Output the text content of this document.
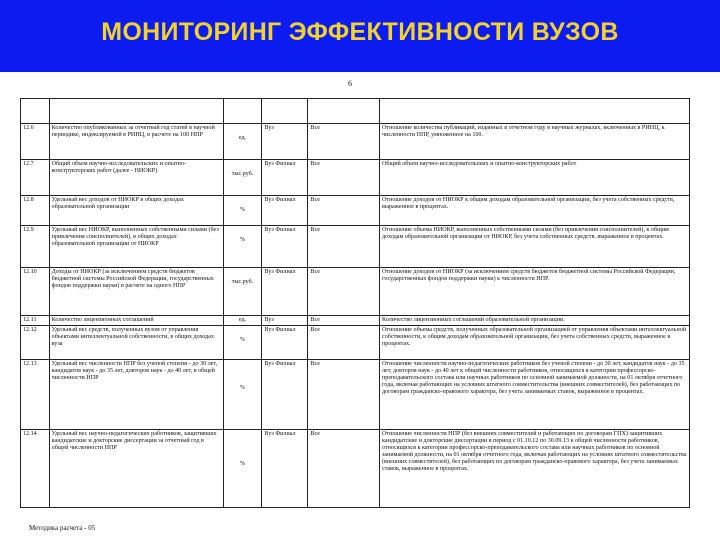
МОНИТОРИНГ ЭФФЕКТИВНОСТИ ВУЗОВ
6

12.6	Количество опубликованных за отчетный год статей в научной периодике, индексируемой в РИНЦ, в расчете на 100 НПР	ед.	Вуз	Все	Отношение количества публикаций, изданных в отчетном году в научных журналах, включенных в РИНЦ, к численности НПР, умноженное на 100.
12.7	Общий объем научно-исследовательских и опытно-конструкторских работ (далее - НИОКР)	тыс.руб.	Вуз Филиал	Все	Общий объем научно-исследовательских и опытно-конструкторских работ
12.8	Удельный вес доходов от НИОКР в общих доходах образовательной организации	%	Вуз Филиал	Все	Отношение доходов от НИОКР к общим доходам образовательной организации, без учета собственных средств, выраженное в процентах.
12.9	Удельный вес НИОКР, выполненных собственными силами (без привлечения соисполнителей), в общих доходах образовательной организации от НИОКР	%	Вуз Филиал	Все	Отношение объема НИОКР, выполненных собственными силами (без привлечения соисполнителей), к общим доходам образовательной организации от НИОКР, без учета собственных средств, выраженное в процентах.
12.10	Доходы от НИОКР (за исключением средств бюджетов бюджетной системы Российской Федерации, государственных фондов поддержки науки) в расчете на одного НПР	тыс.руб.	Вуз Филиал	Все	Отношение доходов от НИОКР (за исключением средств бюджетов бюджетной системы Российской Федерации, государственных фондов поддержки науки) к численности НПР.
12.11	Количество лицензионных соглашений	ед.	Вуз	Все	Количество лицензионных соглашений образовательной организации.
12.12	Удельный вес средств, полученных вузом от управления объектами интеллектуальной собственности, в общих доходах вуза	%	Вуз Филиал	Все	Отношение объема средств, полученных образовательной организацией от управления объектами интеллектуальной собственности, к общим доходам образовательной организации, без учета собственных средств, выраженное в процентах.
12.13	Удельный вес численности НПР без ученой степени - до 30 лет, кандидатов наук - до 35 лет, докторов наук - до 40 лет, в общей численности НПР	%	Вуз Филиал	Все	Отношение численности научно-педагогических работников без ученой степени - до 30 лет, кандидатов наук - до 35 лет, докторов наук - до 40 лет к общей численности работников, относящихся к категории профессорско-преподавательского состава или научных работников по основной занимаемой должности, на 01 октября отчетного года, включая работающих на условиях штатного совместительства (внешних совместителей), без работающих по договорам гражданско-правового характера, без учета занимаемых ставок, выраженное в процентах.
12.14	Удельный вес научно-педагогических работников, защитивших кандидатские и докторские диссертации за отчетный год в общей численности НПР	%	Вуз Филиал	Все	Отношение численности НПР (без внешних совместителей и работающих по договорам ГПХ) защитивших кандидатские и докторские диссертации в период с 01.10.12 по 30.09.13 к общей численности работников, относящихся к категории профессорско-преподавательского состава или научных работников по основной занимаемой должности, на 01 октября отчетного года, включая работающих на условиях штатного совместительства (внешних совместителей), без работающих по договорам гражданско-правового характера, без учета занимаемых ставок, выраженное в процентах.
Методика расчета - 05
